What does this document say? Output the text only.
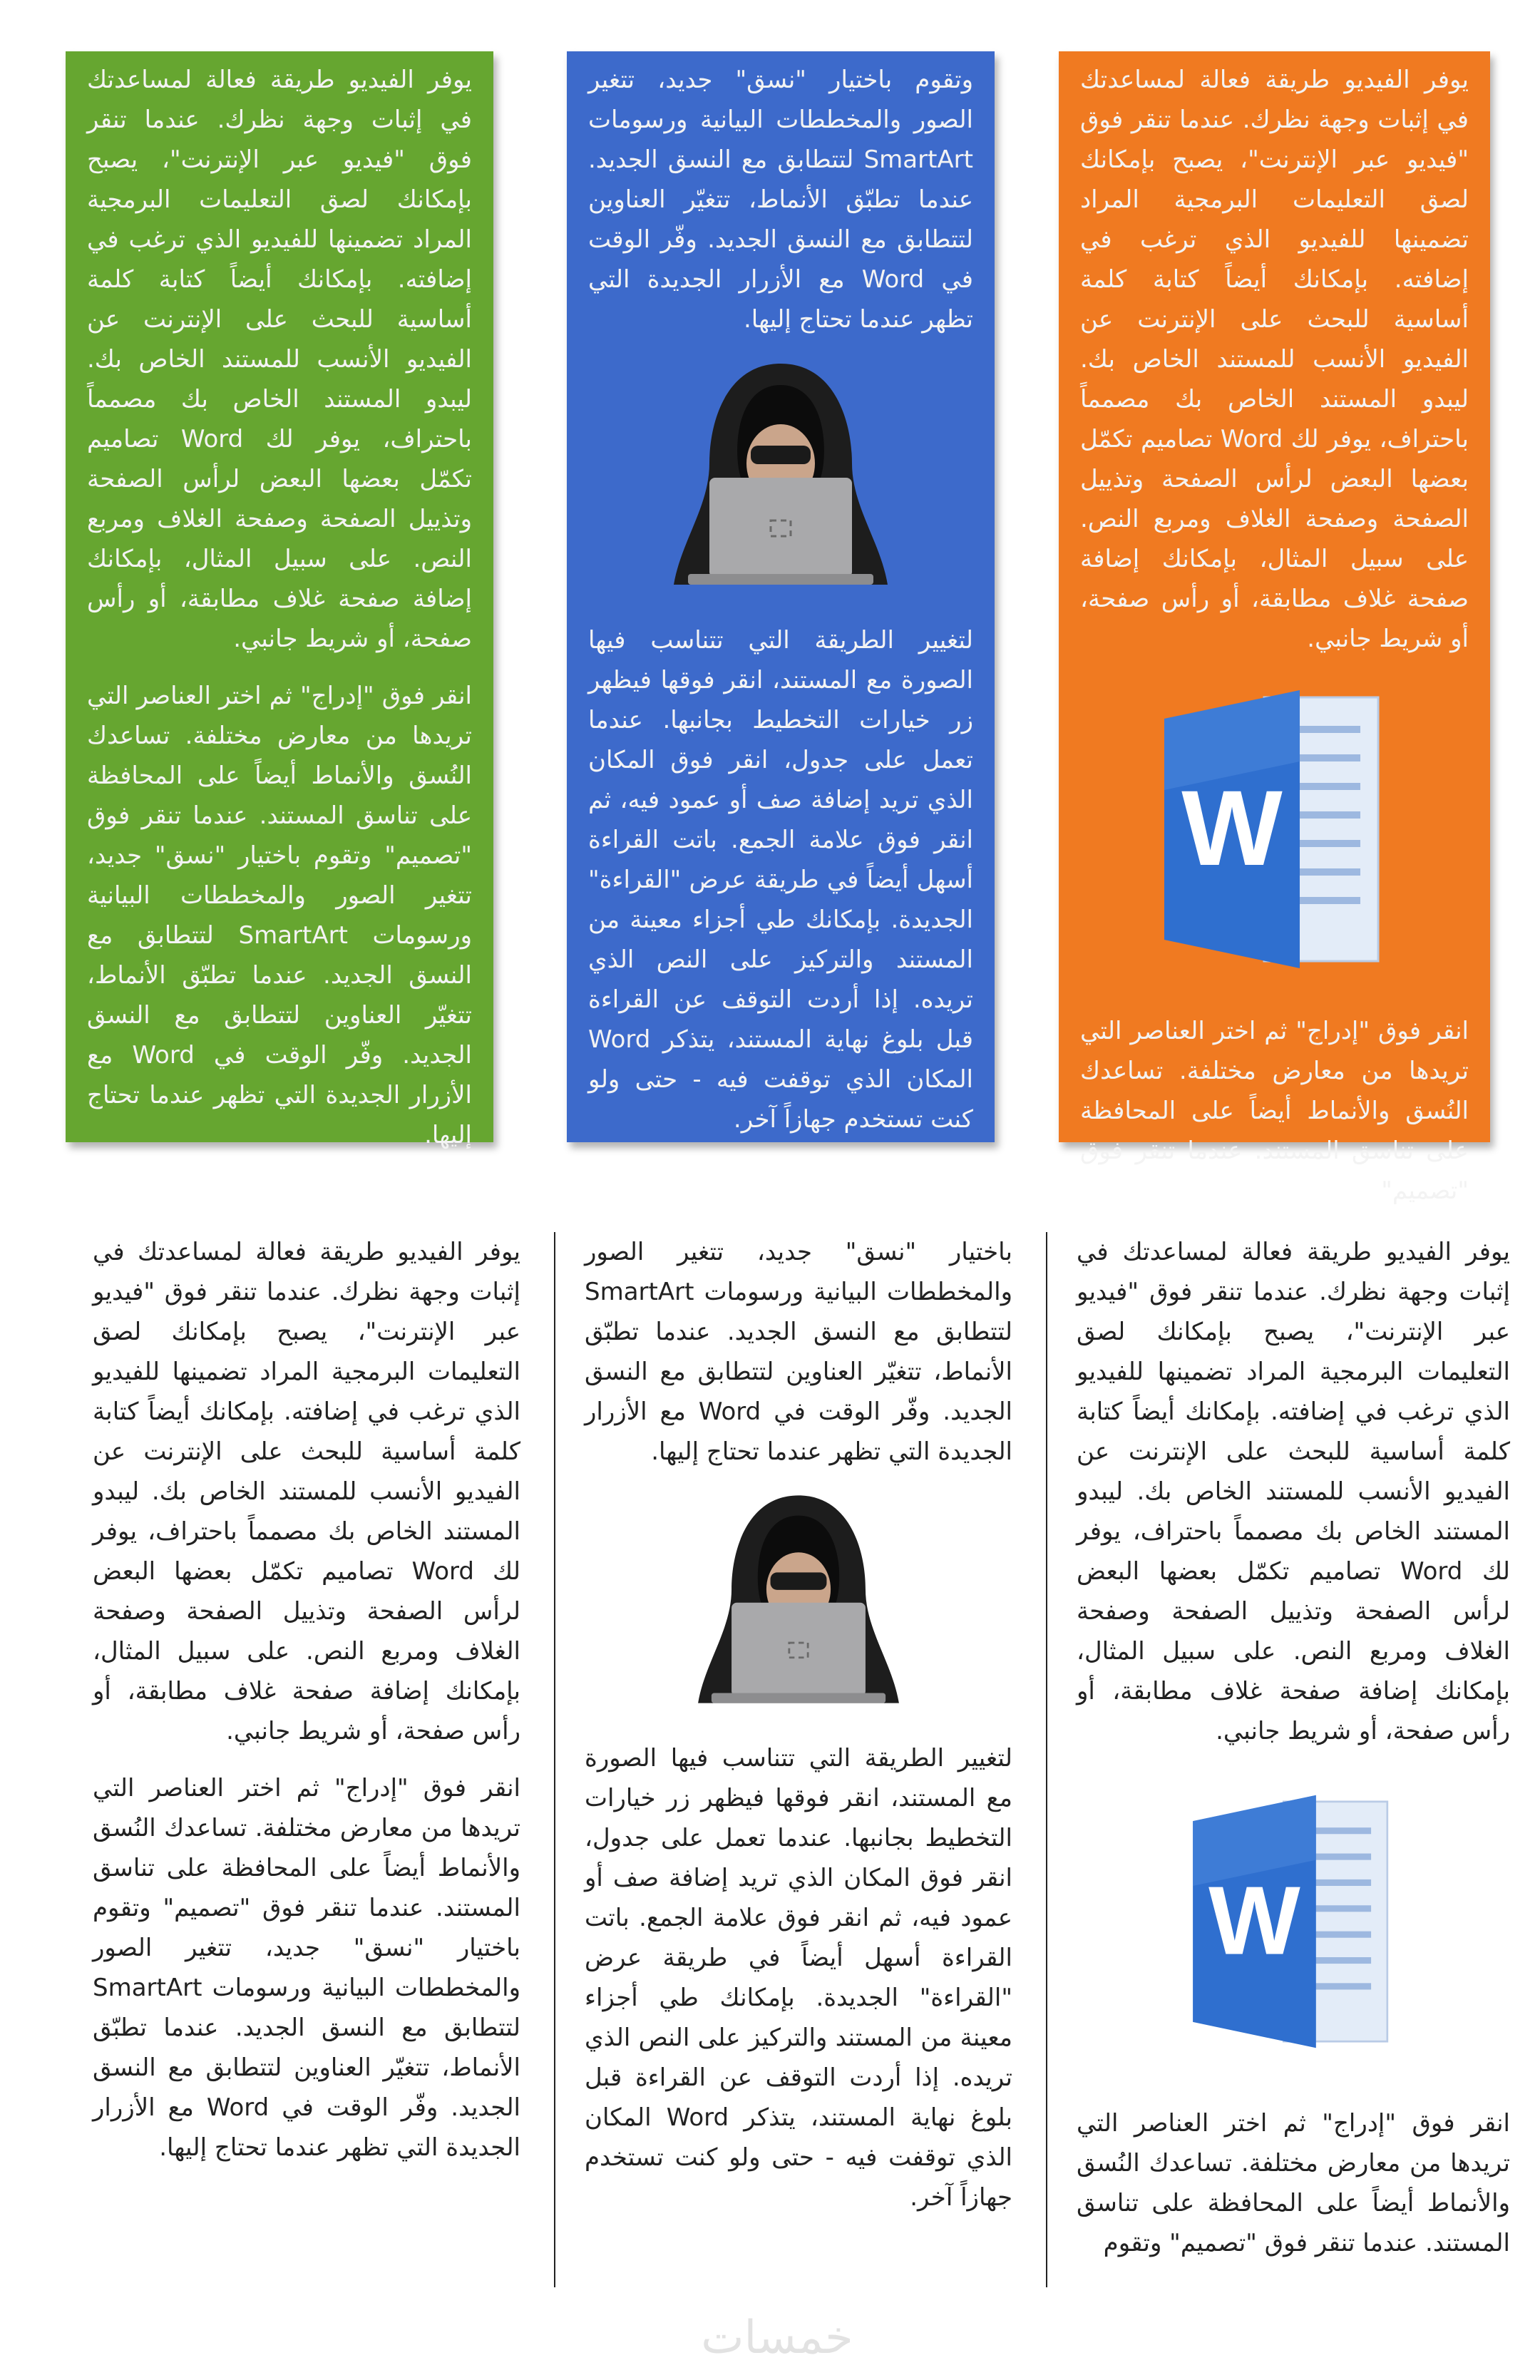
يوفر الفيديو طريقة فعالة لمساعدتك في إثبات وجهة نظرك. عندما تنقر فوق "فيديو عبر الإنترنت"، يصبح بإمكانك لصق التعليمات البرمجية المراد تضمينها للفيديو الذي ترغب في إضافته. بإمكانك أيضاً كتابة كلمة أساسية للبحث على الإنترنت عن الفيديو الأنسب للمستند الخاص بك. ليبدو المستند الخاص بك مصمماً باحتراف، يوفر لك Word تصاميم تكمّل بعضها البعض لرأس الصفحة وتذييل الصفحة وصفحة الغلاف ومربع النص. على سبيل المثال، بإمكانك إضافة صفحة غلاف مطابقة، أو رأس صفحة، أو شريط جانبي.

W

انقر فوق "إدراج" ثم اختر العناصر التي تريدها من معارض مختلفة. تساعدك النُسق والأنماط أيضاً على المحافظة على تناسق المستند. عندما تنقر فوق "تصميم"

وتقوم باختيار "نسق" جديد، تتغير الصور والمخططات البيانية ورسومات SmartArt لتتطابق مع النسق الجديد. عندما تطبّق الأنماط، تتغيّر العناوين لتتطابق مع النسق الجديد. وفّر الوقت في Word مع الأزرار الجديدة التي تظهر عندما تحتاج إليها.

لتغيير الطريقة التي تتناسب فيها الصورة مع المستند، انقر فوقها فيظهر زر خيارات التخطيط بجانبها. عندما تعمل على جدول، انقر فوق المكان الذي تريد إضافة صف أو عمود فيه، ثم انقر فوق علامة الجمع. باتت القراءة أسهل أيضاً في طريقة عرض "القراءة" الجديدة. بإمكانك طي أجزاء معينة من المستند والتركيز على النص الذي تريده. إذا أردت التوقف عن القراءة قبل بلوغ نهاية المستند، يتذكر Word المكان الذي توقفت فيه - حتى ولو كنت تستخدم جهازاً آخر.

يوفر الفيديو طريقة فعالة لمساعدتك في إثبات وجهة نظرك. عندما تنقر فوق "فيديو عبر الإنترنت"، يصبح بإمكانك لصق التعليمات البرمجية المراد تضمينها للفيديو الذي ترغب في إضافته. بإمكانك أيضاً كتابة كلمة أساسية للبحث على الإنترنت عن الفيديو الأنسب للمستند الخاص بك. ليبدو المستند الخاص بك مصمماً باحتراف، يوفر لك Word تصاميم تكمّل بعضها البعض لرأس الصفحة وتذييل الصفحة وصفحة الغلاف ومربع النص. على سبيل المثال، بإمكانك إضافة صفحة غلاف مطابقة، أو رأس صفحة، أو شريط جانبي.

انقر فوق "إدراج" ثم اختر العناصر التي تريدها من معارض مختلفة. تساعدك النُسق والأنماط أيضاً على المحافظة على تناسق المستند. عندما تنقر فوق "تصميم" وتقوم باختيار "نسق" جديد، تتغير الصور والمخططات البيانية ورسومات SmartArt لتتطابق مع النسق الجديد. عندما تطبّق الأنماط، تتغيّر العناوين لتتطابق مع النسق الجديد. وفّر الوقت في Word مع الأزرار الجديدة التي تظهر عندما تحتاج إليها.

يوفر الفيديو طريقة فعالة لمساعدتك في إثبات وجهة نظرك. عندما تنقر فوق "فيديو عبر الإنترنت"، يصبح بإمكانك لصق التعليمات البرمجية المراد تضمينها للفيديو الذي ترغب في إضافته. بإمكانك أيضاً كتابة كلمة أساسية للبحث على الإنترنت عن الفيديو الأنسب للمستند الخاص بك. ليبدو المستند الخاص بك مصمماً باحتراف، يوفر لك Word تصاميم تكمّل بعضها البعض لرأس الصفحة وتذييل الصفحة وصفحة الغلاف ومربع النص. على سبيل المثال، بإمكانك إضافة صفحة غلاف مطابقة، أو رأس صفحة، أو شريط جانبي.

W

انقر فوق "إدراج" ثم اختر العناصر التي تريدها من معارض مختلفة. تساعدك النُسق والأنماط أيضاً على المحافظة على تناسق المستند. عندما تنقر فوق "تصميم" وتقوم

باختيار "نسق" جديد، تتغير الصور والمخططات البيانية ورسومات SmartArt لتتطابق مع النسق الجديد. عندما تطبّق الأنماط، تتغيّر العناوين لتتطابق مع النسق الجديد. وفّر الوقت في Word مع الأزرار الجديدة التي تظهر عندما تحتاج إليها.

لتغيير الطريقة التي تتناسب فيها الصورة مع المستند، انقر فوقها فيظهر زر خيارات التخطيط بجانبها. عندما تعمل على جدول، انقر فوق المكان الذي تريد إضافة صف أو عمود فيه، ثم انقر فوق علامة الجمع. باتت القراءة أسهل أيضاً في طريقة عرض "القراءة" الجديدة. بإمكانك طي أجزاء معينة من المستند والتركيز على النص الذي تريده. إذا أردت التوقف عن القراءة قبل بلوغ نهاية المستند، يتذكر Word المكان الذي توقفت فيه - حتى ولو كنت تستخدم جهازاً آخر.

يوفر الفيديو طريقة فعالة لمساعدتك في إثبات وجهة نظرك. عندما تنقر فوق "فيديو عبر الإنترنت"، يصبح بإمكانك لصق التعليمات البرمجية المراد تضمينها للفيديو الذي ترغب في إضافته. بإمكانك أيضاً كتابة كلمة أساسية للبحث على الإنترنت عن الفيديو الأنسب للمستند الخاص بك. ليبدو المستند الخاص بك مصمماً باحتراف، يوفر لك Word تصاميم تكمّل بعضها البعض لرأس الصفحة وتذييل الصفحة وصفحة الغلاف ومربع النص. على سبيل المثال، بإمكانك إضافة صفحة غلاف مطابقة، أو رأس صفحة، أو شريط جانبي.

انقر فوق "إدراج" ثم اختر العناصر التي تريدها من معارض مختلفة. تساعدك النُسق والأنماط أيضاً على المحافظة على تناسق المستند. عندما تنقر فوق "تصميم" وتقوم باختيار "نسق" جديد، تتغير الصور والمخططات البيانية ورسومات SmartArt لتتطابق مع النسق الجديد. عندما تطبّق الأنماط، تتغيّر العناوين لتتطابق مع النسق الجديد. وفّر الوقت في Word مع الأزرار الجديدة التي تظهر عندما تحتاج إليها.

خمسات
